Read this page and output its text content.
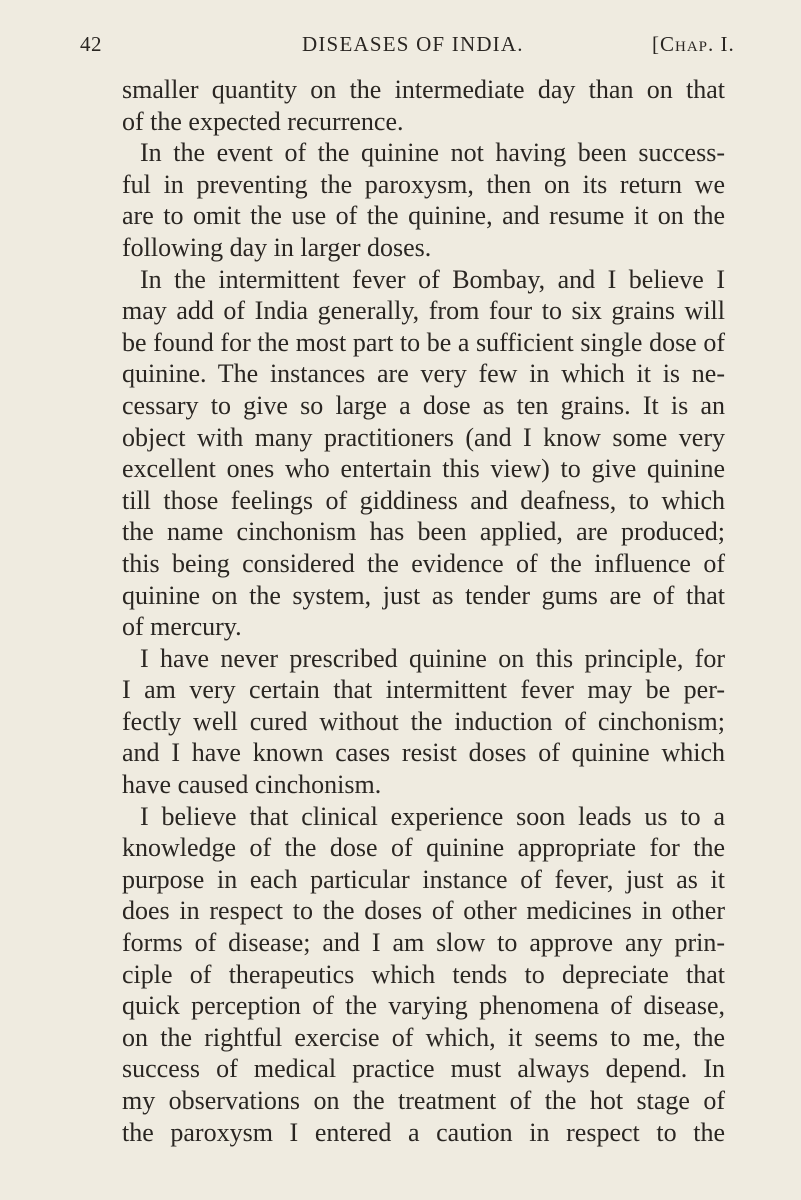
42	DISEASES OF INDIA.	[Chap. I.
smaller quantity on the intermediate day than on that
of the expected recurrence.
In the event of the quinine not having been success-
ful in preventing the paroxysm, then on its return we
are to omit the use of the quinine, and resume it on the
following day in larger doses.
In the intermittent fever of Bombay, and I believe I
may add of India generally, from four to six grains will
be found for the most part to be a sufficient single dose of
quinine. The instances are very few in which it is ne-
cessary to give so large a dose as ten grains. It is an
object with many practitioners (and I know some very
excellent ones who entertain this view) to give quinine
till those feelings of giddiness and deafness, to which
the name cinchonism has been applied, are produced;
this being considered the evidence of the influence of
quinine on the system, just as tender gums are of that
of mercury.
I have never prescribed quinine on this principle, for
I am very certain that intermittent fever may be per-
fectly well cured without the induction of cinchonism;
and I have known cases resist doses of quinine which
have caused cinchonism.
I believe that clinical experience soon leads us to a
knowledge of the dose of quinine appropriate for the
purpose in each particular instance of fever, just as it
does in respect to the doses of other medicines in other
forms of disease; and I am slow to approve any prin-
ciple of therapeutics which tends to depreciate that
quick perception of the varying phenomena of disease,
on the rightful exercise of which, it seems to me, the
success of medical practice must always depend. In
my observations on the treatment of the hot stage of
the paroxysm I entered a caution in respect to the
